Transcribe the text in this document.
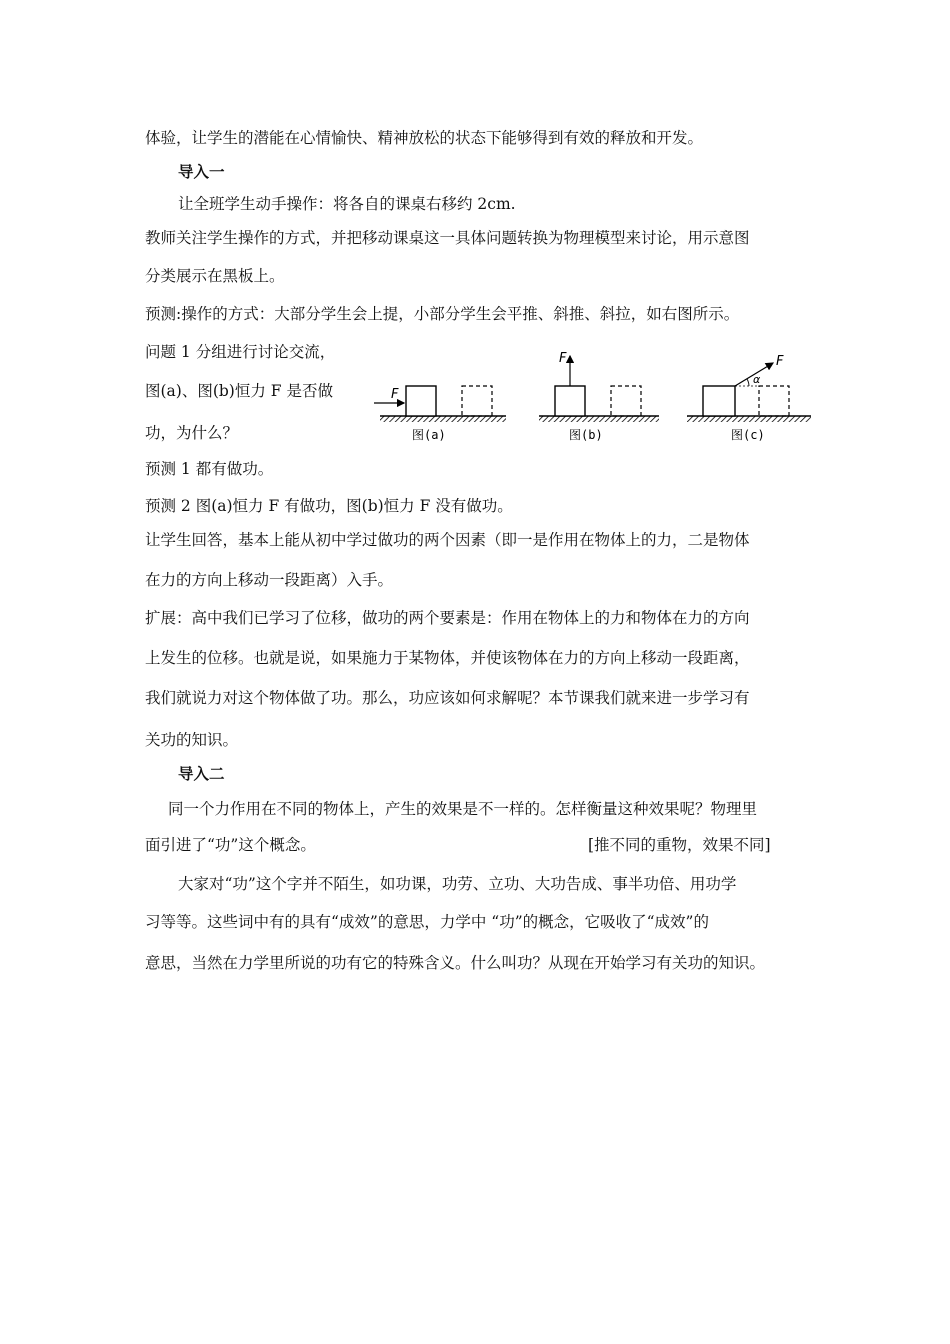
体验，让学生的潜能在心情愉快、精神放松的状态下能够得到有效的释放和开发。
导入一
让全班学生动手操作：将各自的课桌右移约 2cm.
教师关注学生操作的方式，并把移动课桌这一具体问题转换为物理模型来讨论，用示意图
分类展示在黑板上。
预测:操作的方式：大部分学生会上提，小部分学生会平推、斜推、斜拉，如右图所示。
问题 1 分组进行讨论交流，
图(a)、图(b)恒力 F 是否做
功，为什么？
预测 1 都有做功。
预测 2 图(a)恒力 F 有做功，图(b)恒力 F 没有做功。
让学生回答，基本上能从初中学过做功的两个因素（即一是作用在物体上的力，二是物体
在力的方向上移动一段距离）入手。
扩展：高中我们已学习了位移，做功的两个要素是：作用在物体上的力和物体在力的方向
上发生的位移。也就是说，如果施力于某物体，并使该物体在力的方向上移动一段距离，
我们就说力对这个物体做了功。那么，功应该如何求解呢？本节课我们就来进一步学习有
关功的知识。
导入二
同一个力作用在不同的物体上，产生的效果是不一样的。怎样衡量这种效果呢？物理里
面引进了“功”这个概念。	[推不同的重物，效果不同]
大家对“功”这个字并不陌生，如功课，功劳、立功、大功告成、事半功倍、用功学
习等等。这些词中有的具有“成效”的意思，力学中 “功”的概念，它吸收了“成效”的
意思，当然在力学里所说的功有它的特殊含义。什么叫功？从现在开始学习有关功的知识。
F
图(a)
F
图(b)
α
F
图(c)
